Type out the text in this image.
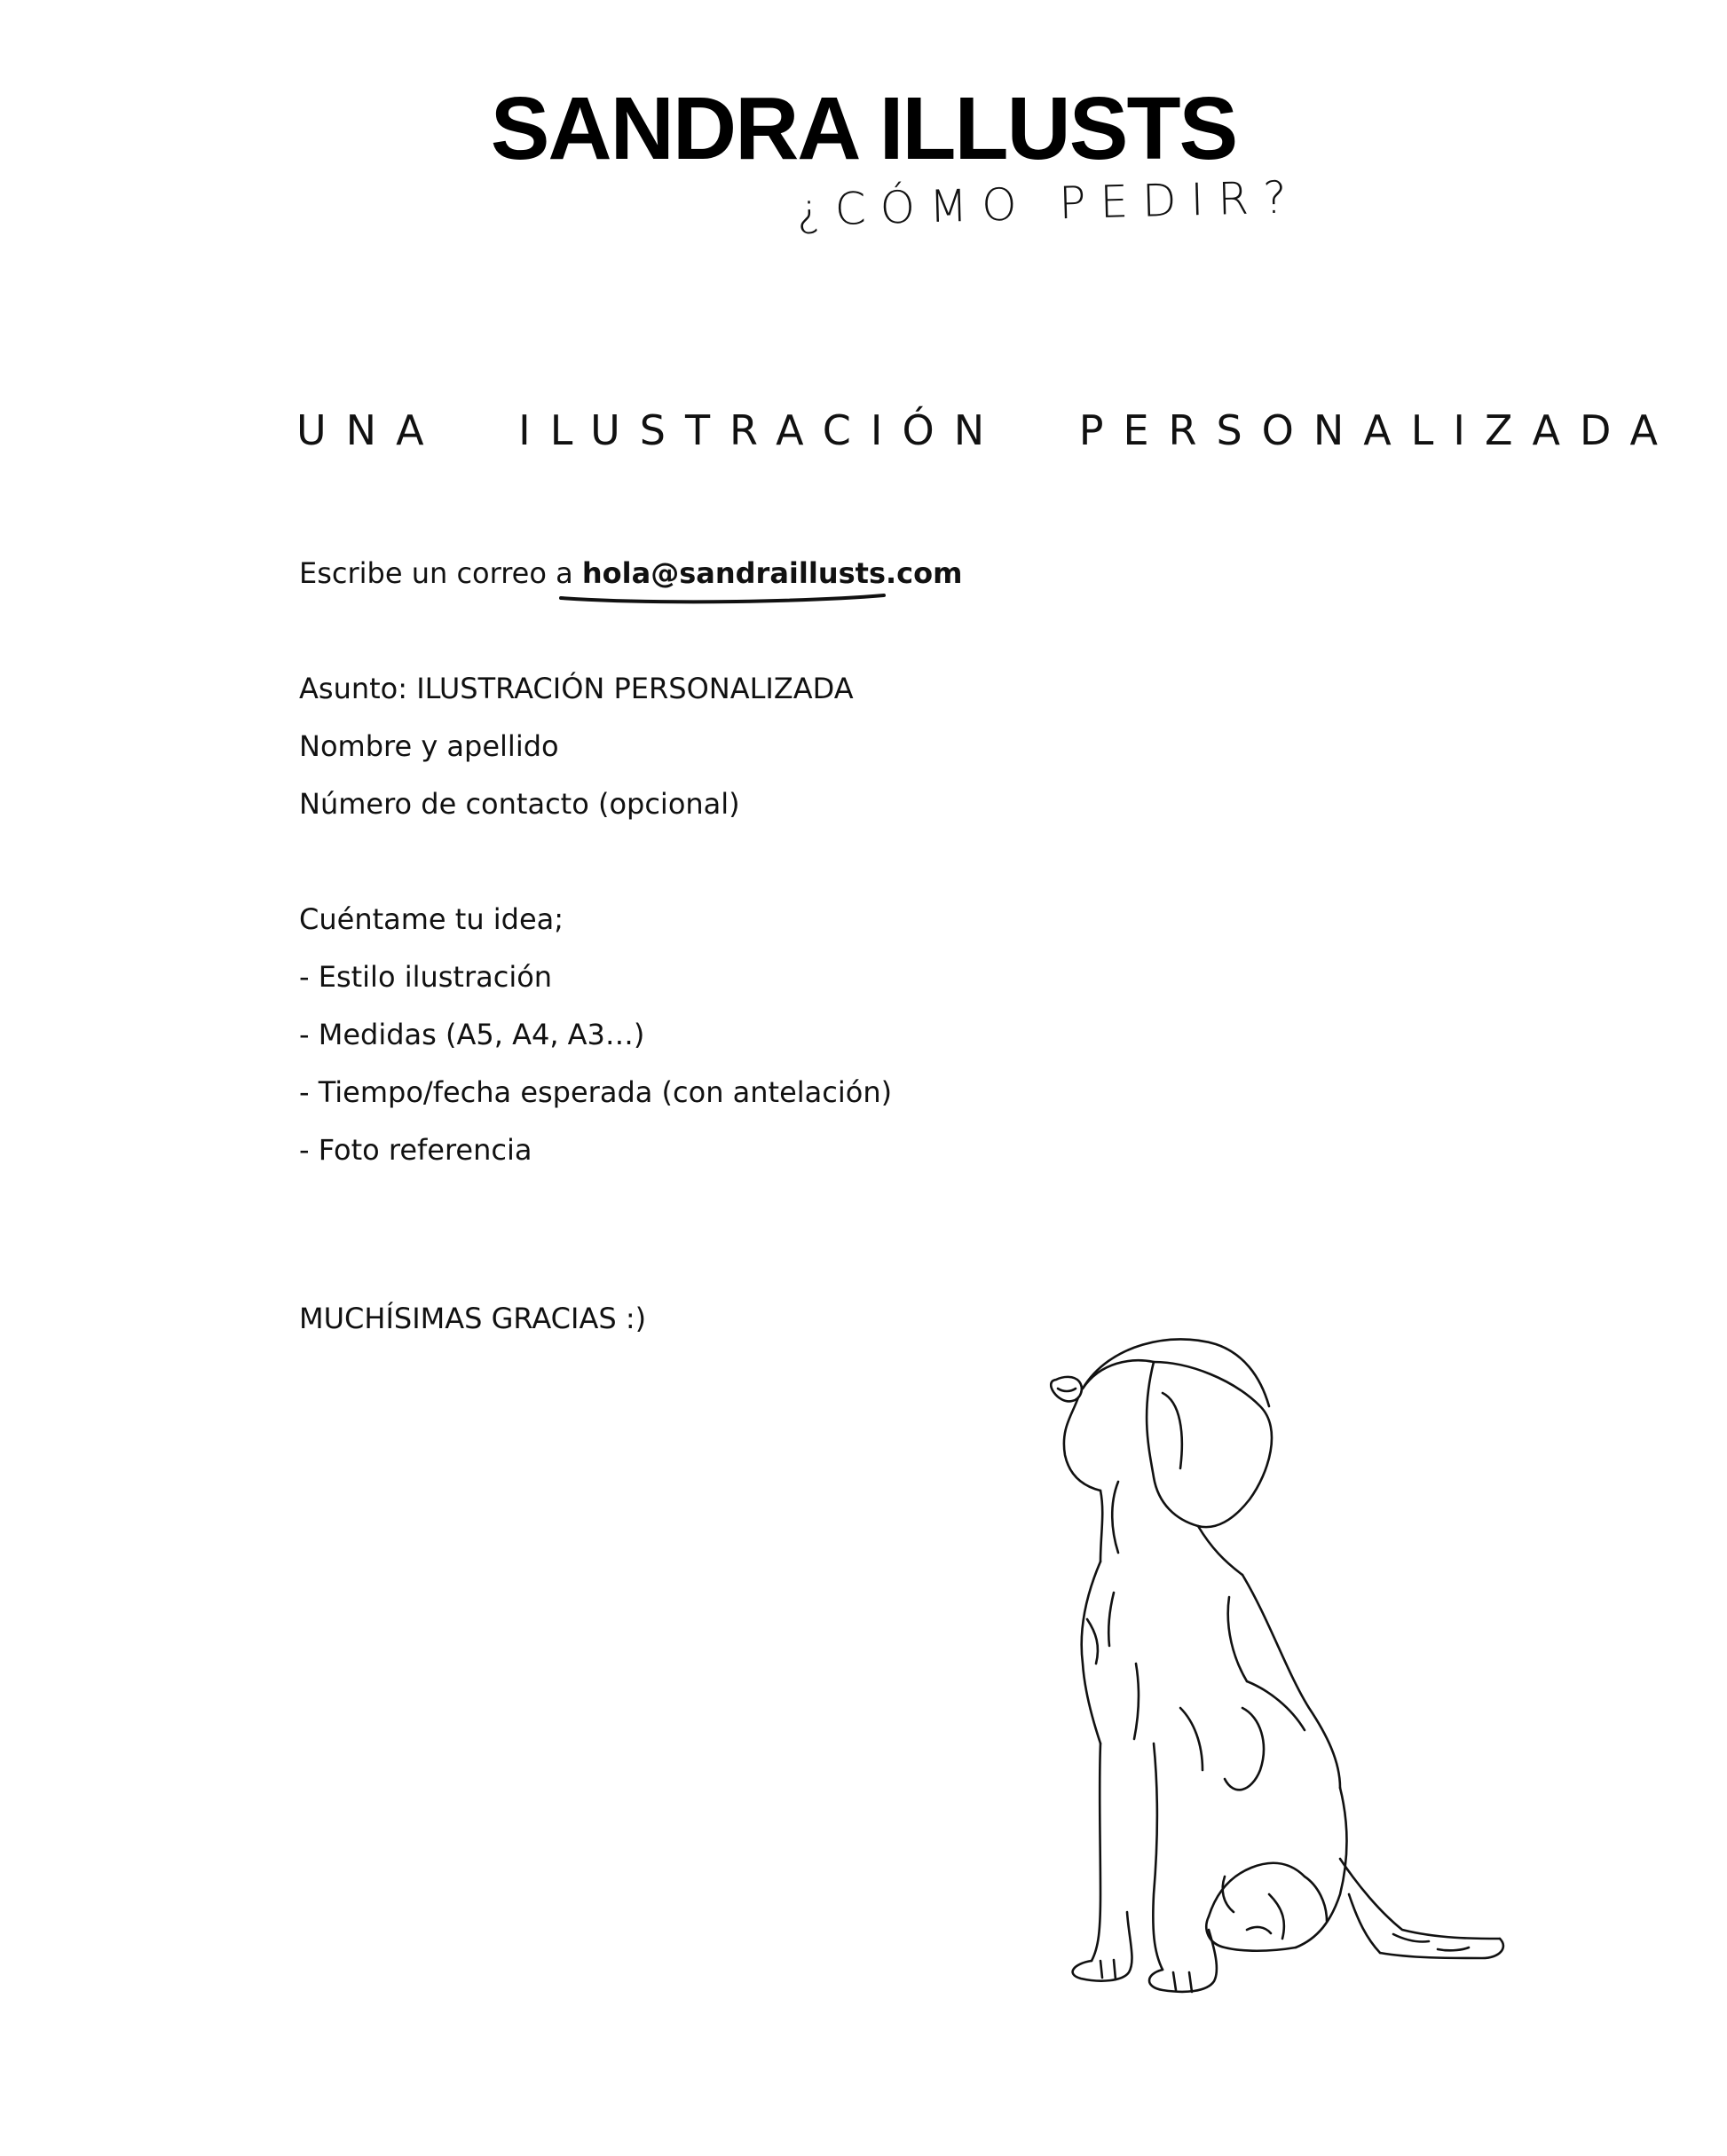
SANDRA ILLUSTS
¿CÓMO PEDIR?
UNA ILUSTRACIÓN PERSONALIZADA
Escribe un correo a hola@sandraillusts.com
Asunto: ILUSTRACIÓN PERSONALIZADA
Nombre y apellido
Número de contacto (opcional)
Cuéntame tu idea;
- Estilo ilustración
- Medidas (A5, A4, A3…)
- Tiempo/fecha esperada (con antelación)
- Foto referencia
MUCHÍSIMAS GRACIAS :)
